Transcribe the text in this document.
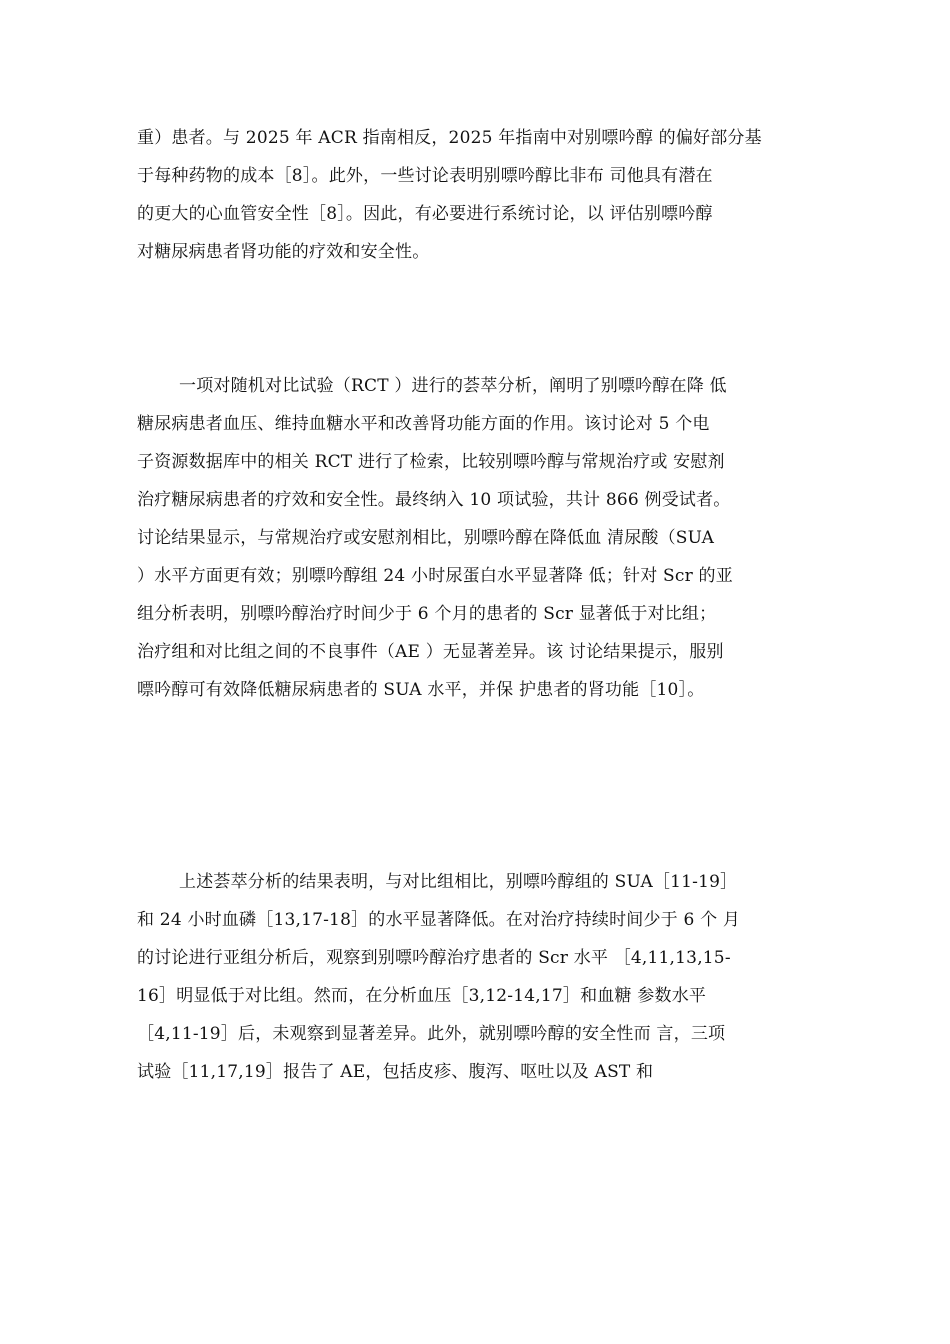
重）患者。与 2025 年 ACR 指南相反，2025 年指南中对别嘌吟醇 的偏好部分基
于每种药物的成本［8］。此外，一些讨论表明别嘌吟醇比非布 司他具有潜在
的更大的心血管安全性［8］。因此，有必要进行系统讨论，以 评估别嘌吟醇
对糖尿病患者肾功能的疗效和安全性。
一项对随机对比试验（RCT ）进行的荟萃分析，阐明了别嘌吟醇在降 低
糖尿病患者血压、维持血糖水平和改善肾功能方面的作用。该讨论对 5 个电
子资源数据库中的相关 RCT 进行了检索，比较别嘌吟醇与常规治疗或 安慰剂
治疗糖尿病患者的疗效和安全性。最终纳入 10 项试验，共计 866 例受试者。
讨论结果显示，与常规治疗或安慰剂相比，别嘌吟醇在降低血 清尿酸（SUA
）水平方面更有效；别嘌吟醇组 24 小时尿蛋白水平显著降 低；针对 Scr 的亚
组分析表明，别嘌吟醇治疗时间少于 6 个月的患者的 Scr 显著低于对比组；
治疗组和对比组之间的不良事件（AE ）无显著差异。该 讨论结果提示，服别
嘌吟醇可有效降低糖尿病患者的 SUA 水平，并保 护患者的肾功能［10］。
上述荟萃分析的结果表明，与对比组相比，别嘌吟醇组的 SUA［11-19］
和 24 小时血磷［13,17-18］的水平显著降低。在对治疗持续时间少于 6 个 月
的讨论进行亚组分析后，观察到别嘌吟醇治疗患者的 Scr 水平 ［4,11,13,15-
16］明显低于对比组。然而，在分析血压［3,12-14,17］和血糖 参数水平
［4,11-19］后，未观察到显著差异。此外，就别嘌吟醇的安全性而 言，三项
试验［11,17,19］报告了 AE，包括皮疹、腹泻、呕吐以及 AST 和
